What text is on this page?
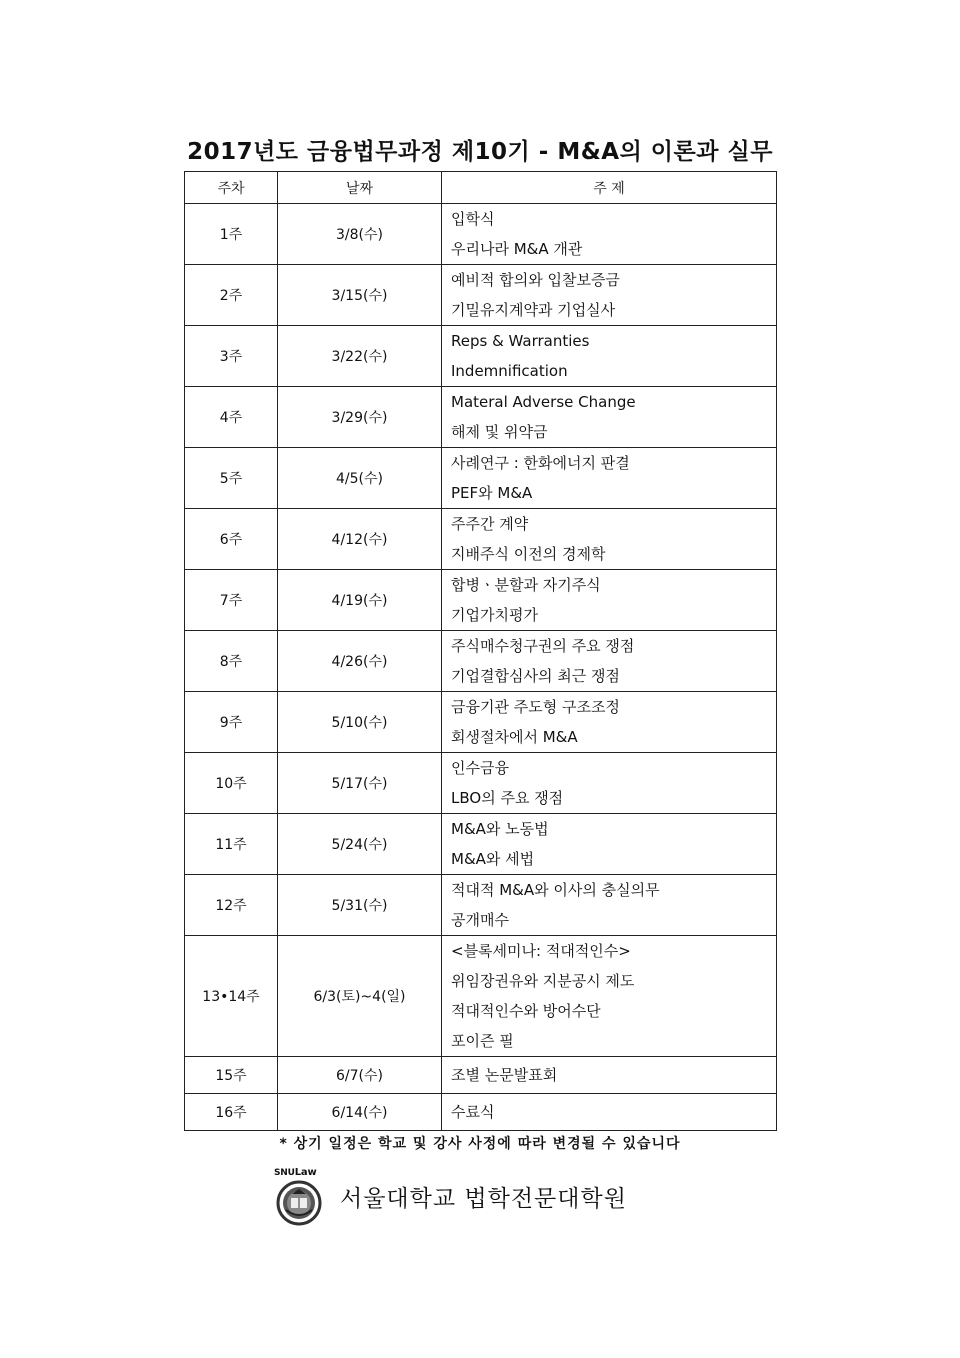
2017년도 금융법무과정 제10기 - M&A의 이론과 실무
주차	날짜	주 제
1주	3/8(수)	입학식
우리나라 M&A 개관

2주	3/15(수)	예비적 합의와 입찰보증금
기밀유지계약과 기업실사

3주	3/22(수)	Reps & Warranties
Indemnification

4주	3/29(수)	Materal Adverse Change
해제 및 위약금

5주	4/5(수)	사례연구 : 한화에너지 판결
PEF와 M&A

6주	4/12(수)	주주간 계약
지배주식 이전의 경제학

7주	4/19(수)	합병ㆍ분할과 자기주식
기업가치평가

8주	4/26(수)	주식매수청구권의 주요 쟁점
기업결합심사의 최근 쟁점

9주	5/10(수)	금융기관 주도형 구조조정
회생절차에서 M&A

10주	5/17(수)	인수금융
LBO의 주요 쟁점

11주	5/24(수)	M&A와 노동법
M&A와 세법

12주	5/31(수)	적대적 M&A와 이사의 충실의무
공개매수

13•14주	6/3(토)~4(일)	<블록세미나: 적대적인수>
위임장권유와 지분공시 제도
적대적인수와 방어수단
포이즌 필

15주	6/7(수)	조별 논문발표회

16주	6/14(수)	수료식
* 상기 일정은 학교 및 강사 사정에 따라 변경될 수 있습니다
SNULaw
서울대학교 법학전문대학원
